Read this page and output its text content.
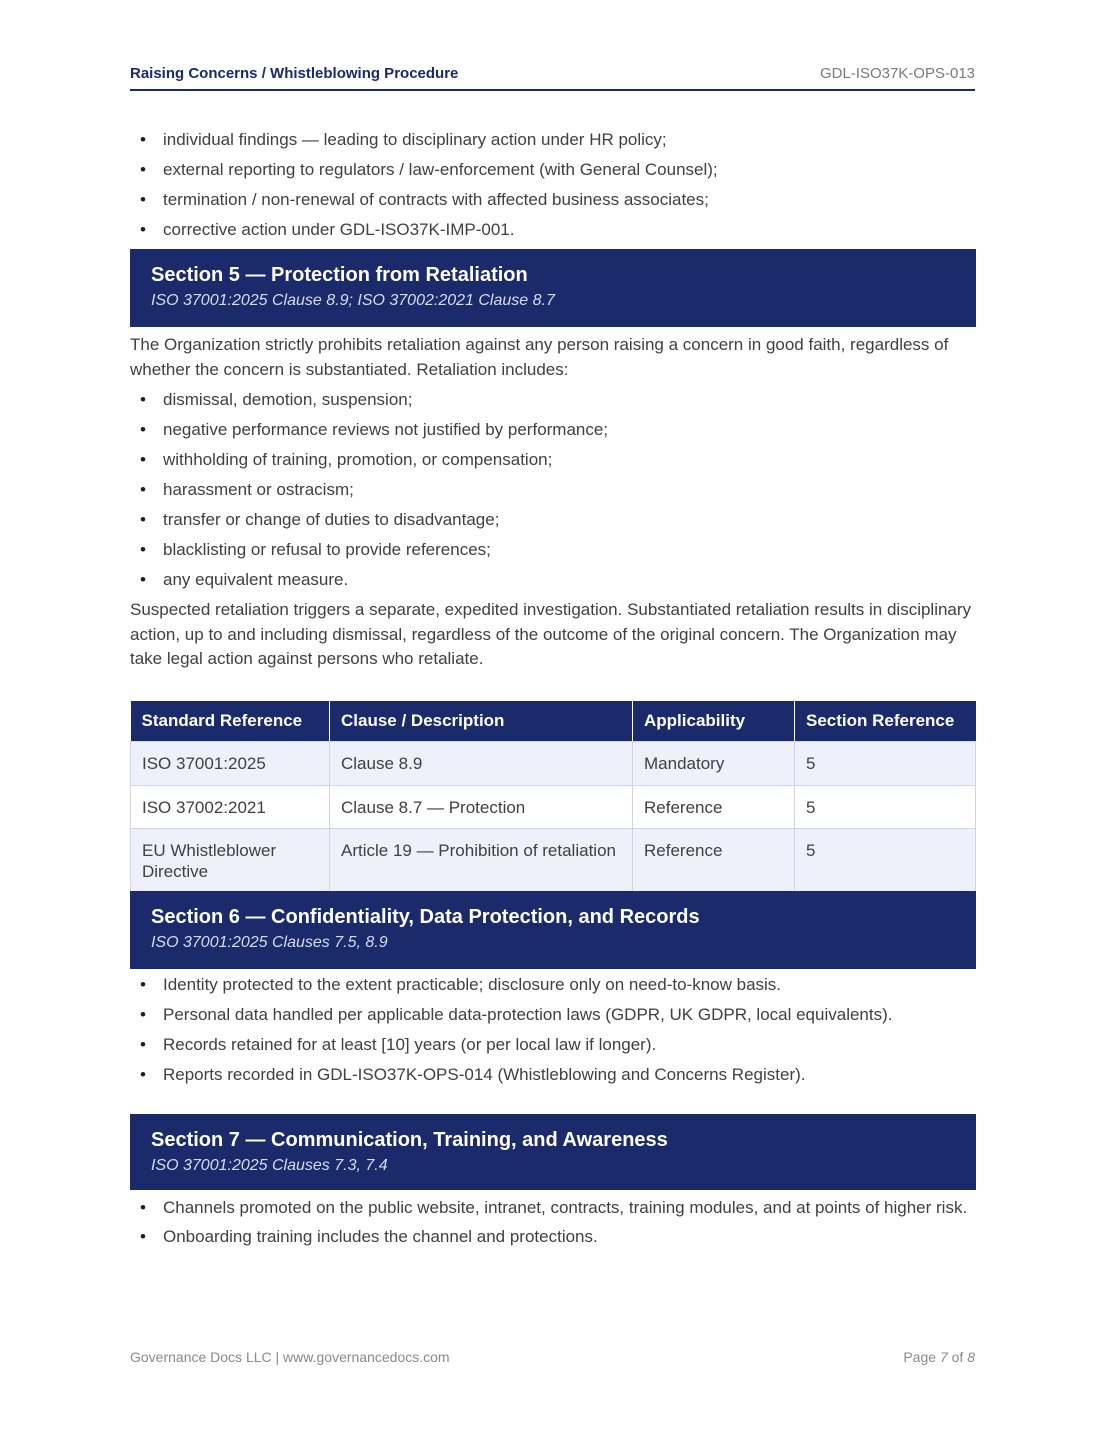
Raising Concerns / Whistleblowing Procedure	GDL-ISO37K-OPS-013
• individual findings — leading to disciplinary action under HR policy;
• external reporting to regulators / law-enforcement (with General Counsel);
• termination / non-renewal of contracts with affected business associates;
• corrective action under GDL-ISO37K-IMP-001.
Section 5 — Protection from Retaliation
ISO 37001:2025 Clause 8.9; ISO 37002:2021 Clause 8.7

The Organization strictly prohibits retaliation against any person raising a concern in good faith, regardless of whether the concern is substantiated. Retaliation includes:

• dismissal, demotion, suspension;
• negative performance reviews not justified by performance;
• withholding of training, promotion, or compensation;
• harassment or ostracism;
• transfer or change of duties to disadvantage;
• blacklisting or refusal to provide references;
• any equivalent measure.

Suspected retaliation triggers a separate, expedited investigation. Substantiated retaliation results in disciplinary action, up to and including dismissal, regardless of the outcome of the original concern. The Organization may take legal action against persons who retaliate.

Standard Reference	Clause / Description	Applicability	Section Reference
ISO 37001:2025	Clause 8.9	Mandatory	5
ISO 37002:2021	Clause 8.7 — Protection	Reference	5
EU Whistleblower Directive	Article 19 — Prohibition of retaliation	Reference	5
Section 6 — Confidentiality, Data Protection, and Records
ISO 37001:2025 Clauses 7.5, 8.9
• Identity protected to the extent practicable; disclosure only on need-to-know basis.
• Personal data handled per applicable data-protection laws (GDPR, UK GDPR, local equivalents).
• Records retained for at least [10] years (or per local law if longer).
• Reports recorded in GDL-ISO37K-OPS-014 (Whistleblowing and Concerns Register).
Section 7 — Communication, Training, and Awareness
ISO 37001:2025 Clauses 7.3, 7.4
• Channels promoted on the public website, intranet, contracts, training modules, and at points of higher risk.
• Onboarding training includes the channel and protections.
Governance Docs LLC | www.governancedocs.com	Page 7 of 8
